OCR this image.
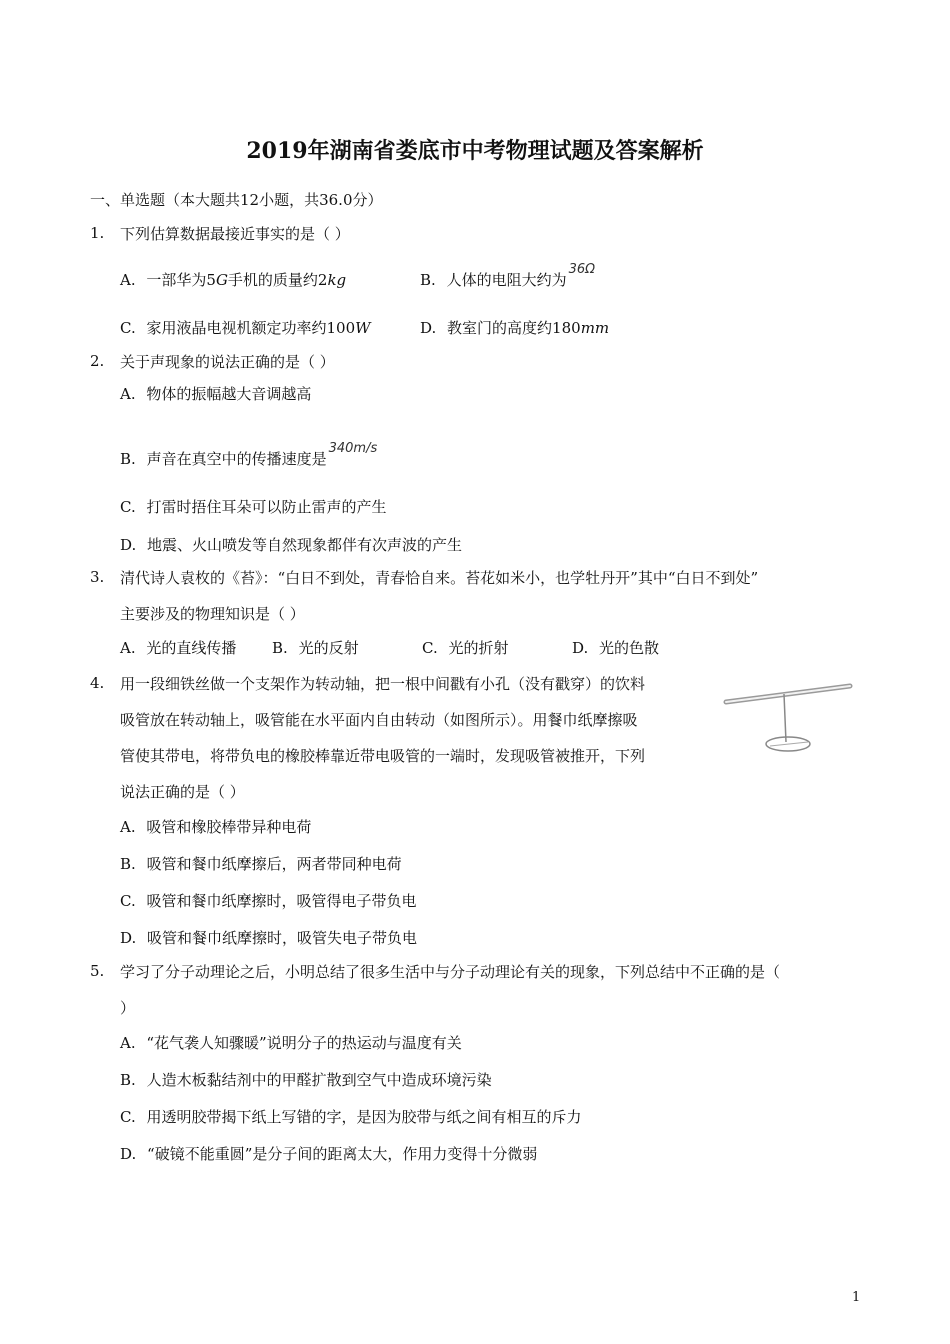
2019年湖南省娄底市中考物理试题及答案解析
一、单选题（本大题共12小题，共36.0分）
1. 下列估算数据最接近事实的是（ ）
A. 一部华为5G手机的质量约2kg	B. 人体的电阻大约为36Ω
C. 家用液晶电视机额定功率约100W	D. 教室门的高度约180mm
2. 关于声现象的说法正确的是（ ）
A. 物体的振幅越大音调越高
B. 声音在真空中的传播速度是340m/s
C. 打雷时捂住耳朵可以防止雷声的产生
D. 地震、火山喷发等自然现象都伴有次声波的产生
3. 清代诗人袁枚的《苔》：“白日不到处，青春恰自来。苔花如米小，也学牡丹开”其中“白日不到处”
主要涉及的物理知识是（ ）
A. 光的直线传播 B. 光的反射	C. 光的折射	D. 光的色散
4. 用一段细铁丝做一个支架作为转动轴，把一根中间戳有小孔（没有戳穿）的饮料
吸管放在转动轴上，吸管能在水平面内自由转动（如图所示）。用餐巾纸摩擦吸
管使其带电，将带负电的橡胶棒靠近带电吸管的一端时，发现吸管被推开，下列
说法正确的是（ ）
A. 吸管和橡胶棒带异种电荷
B. 吸管和餐巾纸摩擦后，两者带同种电荷
C. 吸管和餐巾纸摩擦时，吸管得电子带负电
D. 吸管和餐巾纸摩擦时，吸管失电子带负电
5. 学习了分子动理论之后，小明总结了很多生活中与分子动理论有关的现象，下列总结中不正确的是（
）
A. “花气袭人知骤暖”说明分子的热运动与温度有关
B. 人造木板黏结剂中的甲醛扩散到空气中造成环境污染
C. 用透明胶带揭下纸上写错的字，是因为胶带与纸之间有相互的斥力
D. “破镜不能重圆”是分子间的距离太大，作用力变得十分微弱
1
